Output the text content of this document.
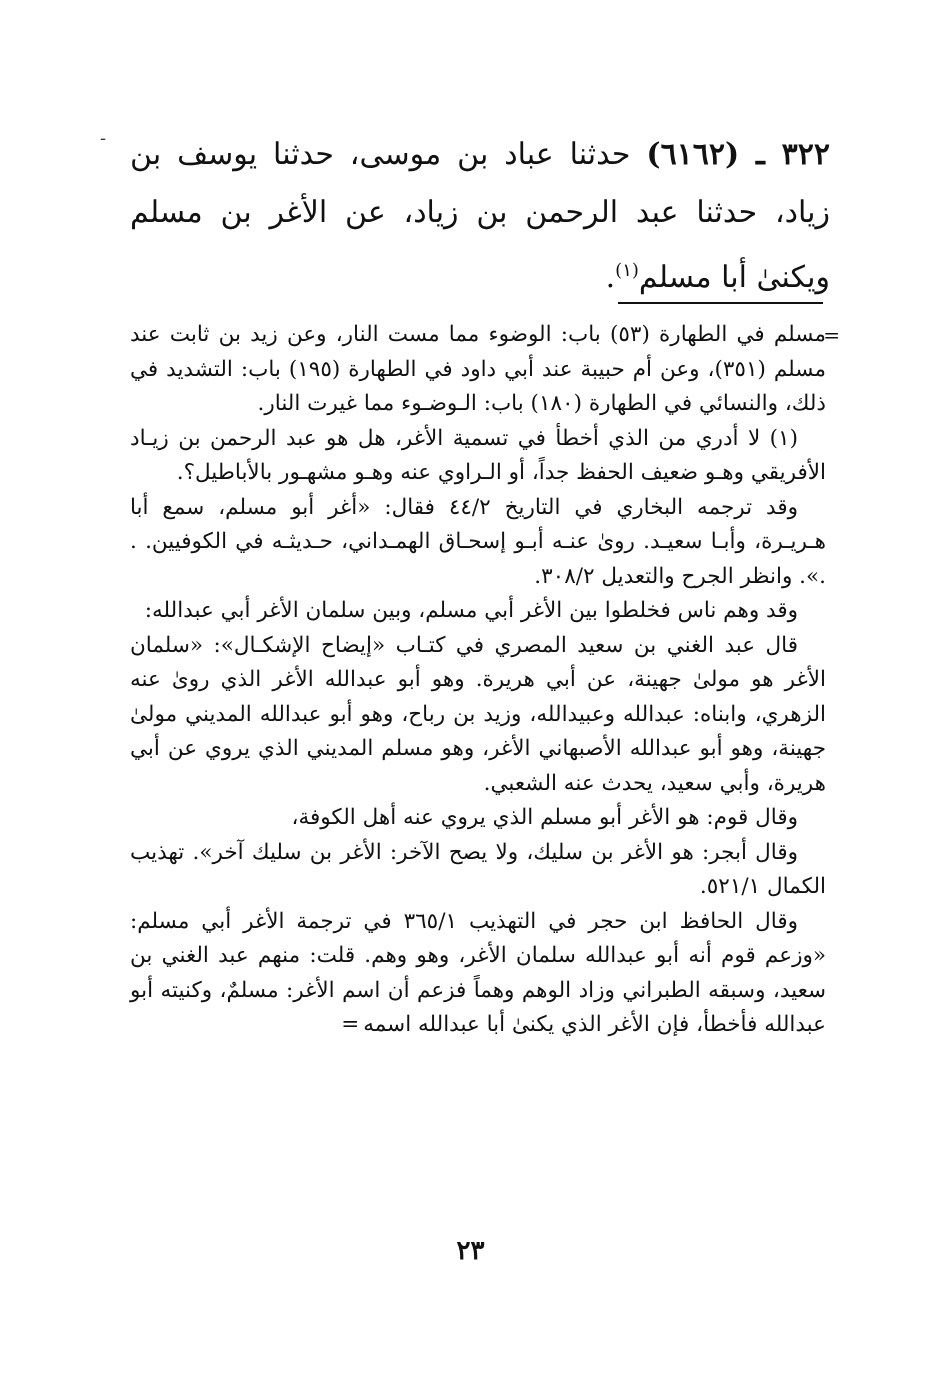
-	٣٢٢ ـ (٦١٦٢) حدثنا عباد بن موسى، حدثنا يوسف بن زياد، حدثنا عبد الرحمن بن زياد، عن الأغر بن مسلم ويكنىٰ أبا مسلم$^{(١)}$.
=

مسلم في الطهارة (٥٣) باب: الوضوء مما مست النار، وعن زيد بن ثابت عند مسلم (٣٥١)، وعن أم حبيبة عند أبي داود في الطهارة (١٩٥) باب: التشديد في ذلك، والنسائي في الطهارة (١٨٠) باب: الـوضـوء مما غيرت النار.

(١) لا أدري من الذي أخطأ في تسمية الأغر، هل هو عبد الرحمن بن زيـاد الأفريقي وهـو ضعيف الحفظ جداً، أو الـراوي عنه وهـو مشهـور بالأباطيل؟.

وقد ترجمه البخاري في التاريخ ٤٤/٢ فقال: «أغر أبو مسلم، سمع أبا هـريـرة، وأبـا سعيـد. روىٰ عنـه أبـو إسحـاق الهمـداني، حـديثـه في الكوفيين. . .». وانظر الجرح والتعديل ٣٠٨/٢.

وقد وهم ناس فخلطوا بين الأغر أبي مسلم، وبين سلمان الأغر أبي عبدالله:

قال عبد الغني بن سعيد المصري في كتـاب «إيضاح الإشكـال»: «سلمان الأغر هو مولىٰ جهينة، عن أبي هريرة. وهو أبو عبدالله الأغر الذي روىٰ عنه الزهري، وابناه: عبدالله وعبيدالله، وزيد بن رباح، وهو أبو عبدالله المديني مولىٰ جهينة، وهو أبو عبدالله الأصبهاني الأغر، وهو مسلم المديني الذي يروي عن أبي هريرة، وأبي سعيد، يحدث عنه الشعبي.

وقال قوم: هو الأغر أبو مسلم الذي يروي عنه أهل الكوفة،

وقال أبجر: هو الأغر بن سليك، ولا يصح الآخر: الأغر بن سليك آخر». تهذيب الكمال ٥٢١/١.

وقال الحافظ ابن حجر في التهذيب ٣٦٥/١ في ترجمة الأغر أبي مسلم: «وزعم قوم أنه أبو عبدالله سلمان الأغر، وهو وهم. قلت: منهم عبد الغني بن سعيد، وسبقه الطبراني وزاد الوهم وهماً فزعم أن اسم الأغر: مسلمٌ، وكنيته أبو عبدالله فأخطأ، فإن الأغر الذي يكنىٰ أبا عبدالله اسمه=

٢٣
